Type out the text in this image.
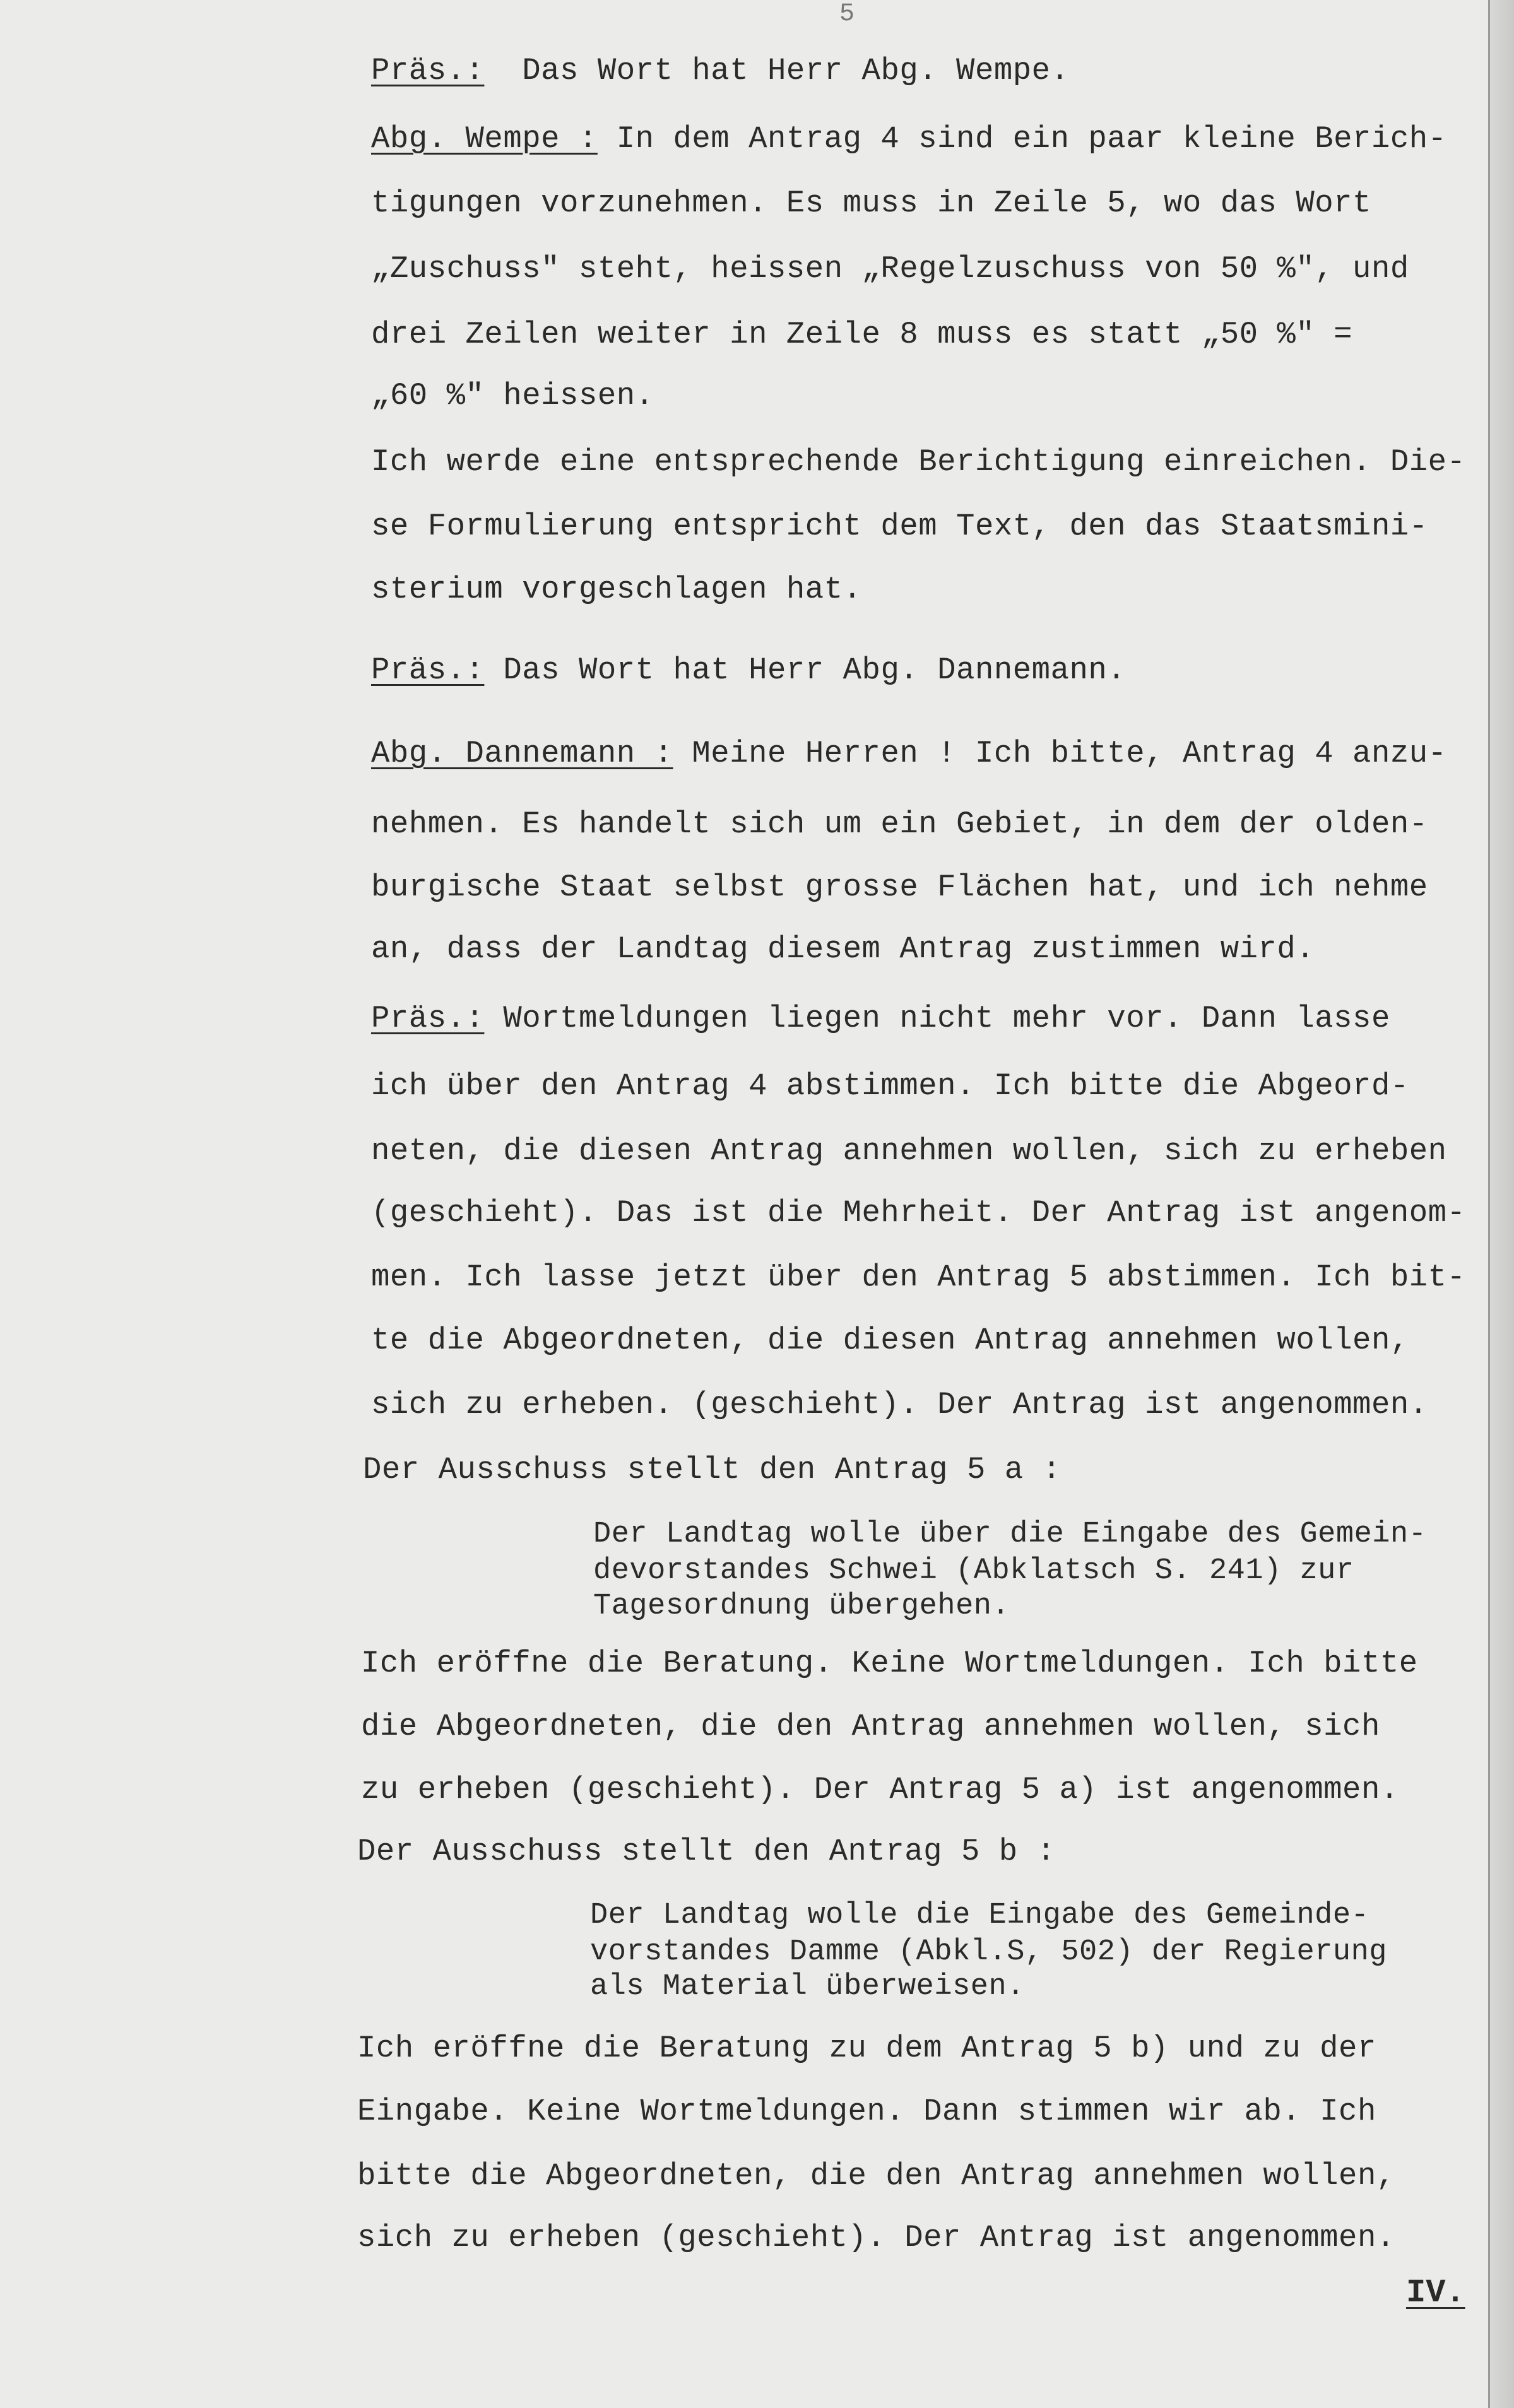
5
Präs.: Das Wort hat Herr Abg. Wempe.
Abg. Wempe : In dem Antrag 4 sind ein paar kleine Berich-
tigungen vorzunehmen. Es muss in Zeile 5, wo das Wort
„Zuschuss" steht, heissen „Regelzuschuss von 50 %", und
drei Zeilen weiter in Zeile 8 muss es statt „50 %" =
„60 %" heissen.
Ich werde eine entsprechende Berichtigung einreichen. Die-
se Formulierung entspricht dem Text, den das Staatsmini-
sterium vorgeschlagen hat.
Präs.: Das Wort hat Herr Abg. Dannemann.
Abg. Dannemann : Meine Herren ! Ich bitte, Antrag 4 anzu-
nehmen. Es handelt sich um ein Gebiet, in dem der olden-
burgische Staat selbst grosse Flächen hat, und ich nehme
an, dass der Landtag diesem Antrag zustimmen wird.
Präs.: Wortmeldungen liegen nicht mehr vor. Dann lasse
ich über den Antrag 4 abstimmen. Ich bitte die Abgeord-
neten, die diesen Antrag annehmen wollen, sich zu erheben
(geschieht). Das ist die Mehrheit. Der Antrag ist angenom-
men. Ich lasse jetzt über den Antrag 5 abstimmen. Ich bit-
te die Abgeordneten, die diesen Antrag annehmen wollen,
sich zu erheben. (geschieht). Der Antrag ist angenommen.
Der Ausschuss stellt den Antrag 5 a :
Der Landtag wolle über die Eingabe des Gemein-
devorstandes Schwei (Abklatsch S. 241) zur
Tagesordnung übergehen.
Ich eröffne die Beratung. Keine Wortmeldungen. Ich bitte
die Abgeordneten, die den Antrag annehmen wollen, sich
zu erheben (geschieht). Der Antrag 5 a) ist angenommen.
Der Ausschuss stellt den Antrag 5 b :
Der Landtag wolle die Eingabe des Gemeinde-
vorstandes Damme (Abkl.S, 502) der Regierung
als Material überweisen.
Ich eröffne die Beratung zu dem Antrag 5 b) und zu der
Eingabe. Keine Wortmeldungen. Dann stimmen wir ab. Ich
bitte die Abgeordneten, die den Antrag annehmen wollen,
sich zu erheben (geschieht). Der Antrag ist angenommen.
IV.
